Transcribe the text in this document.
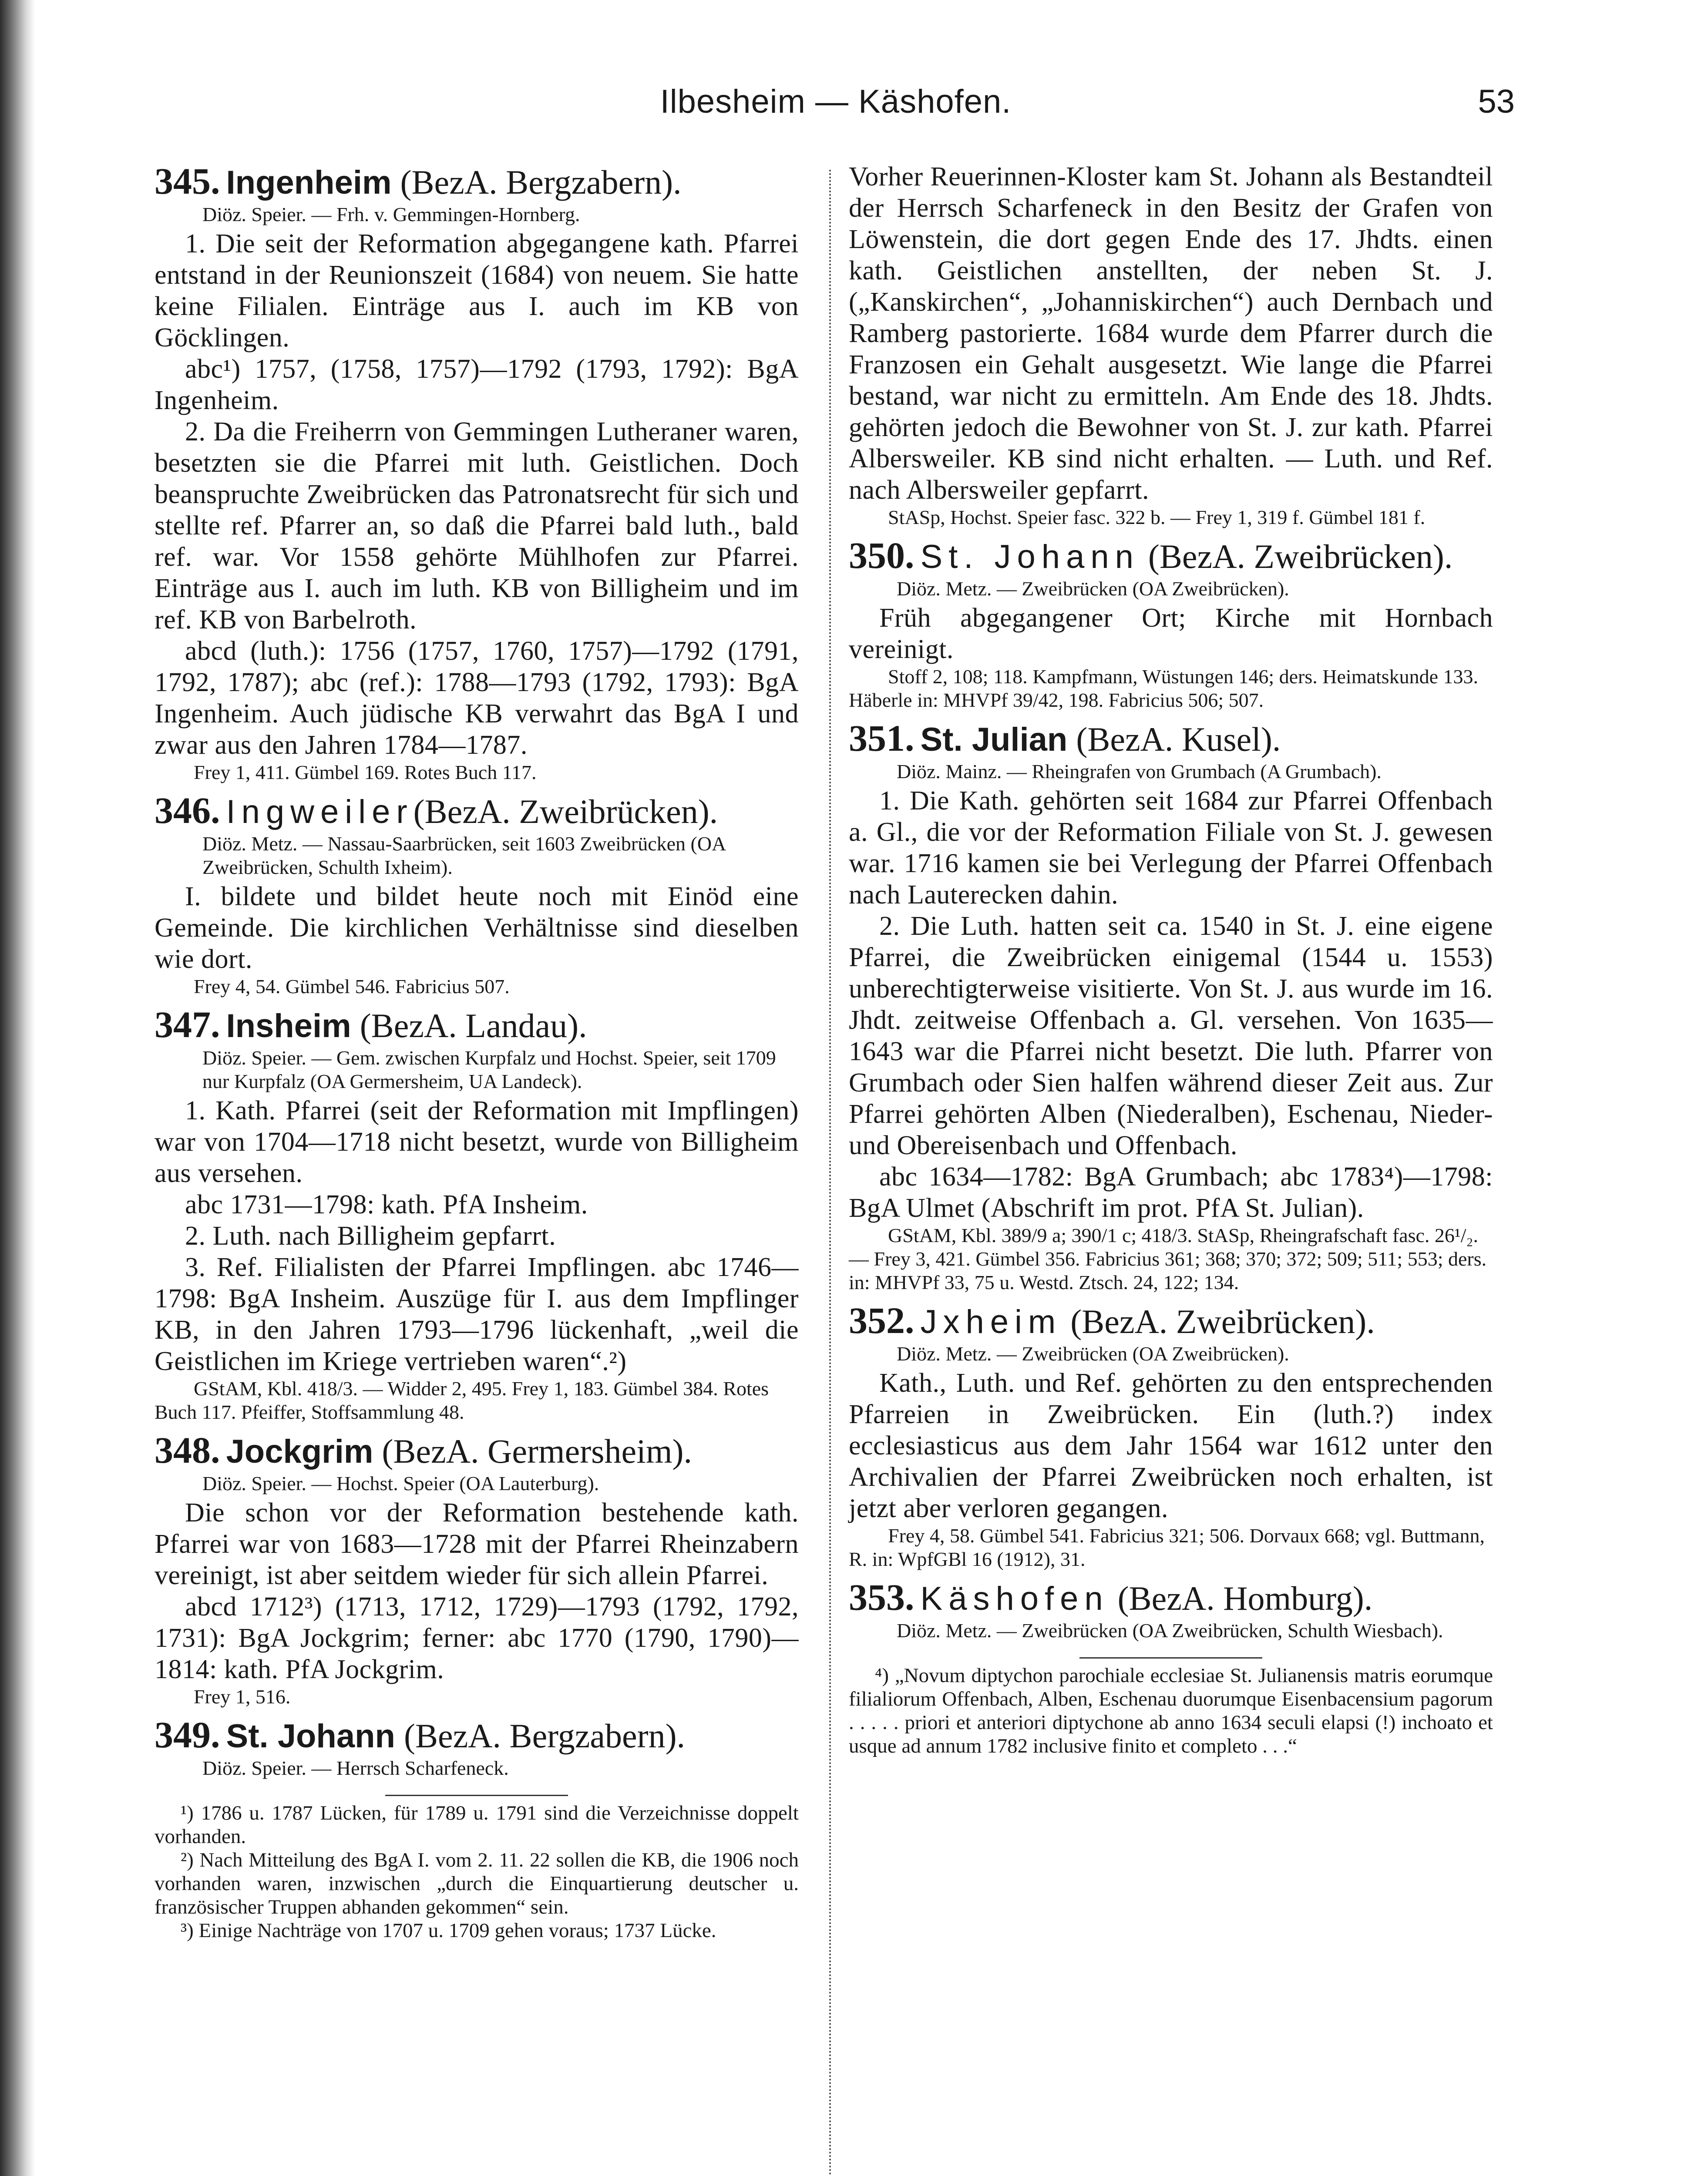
Ilbesheim — Käshofen.	53

345. Ingenheim (BezA. Bergzabern).

Diöz. Speier. — Frh. v. Gemmingen-Hornberg.

1. Die seit der Reformation abgegangene kath. Pfarrei entstand in der Reunionszeit (1684) von neuem. Sie hatte keine Filialen. Einträge aus I. auch im KB von Göcklingen.

abc¹) 1757, (1758, 1757)—1792 (1793, 1792): BgA Ingenheim.

2. Da die Freiherrn von Gemmingen Lutheraner waren, besetzten sie die Pfarrei mit luth. Geistlichen. Doch beanspruchte Zweibrücken das Patronatsrecht für sich und stellte ref. Pfarrer an, so daß die Pfarrei bald luth., bald ref. war. Vor 1558 gehörte Mühlhofen zur Pfarrei. Einträge aus I. auch im luth. KB von Billigheim und im ref. KB von Barbelroth.

abcd (luth.): 1756 (1757, 1760, 1757)—1792 (1791, 1792, 1787); abc (ref.): 1788—1793 (1792, 1793): BgA Ingenheim. Auch jüdische KB verwahrt das BgA I und zwar aus den Jahren 1784—1787.

Frey 1, 411. Gümbel 169. Rotes Buch 117.

346. Ingweiler(BezA. Zweibrücken).

Diöz. Metz. — Nassau-Saarbrücken, seit 1603 Zweibrücken (OA Zweibrücken, Schulth Ixheim).

I. bildete und bildet heute noch mit Einöd eine Gemeinde. Die kirchlichen Verhältnisse sind dieselben wie dort.

Frey 4, 54. Gümbel 546. Fabricius 507.

347. Insheim (BezA. Landau).

Diöz. Speier. — Gem. zwischen Kurpfalz und Hochst. Speier, seit 1709 nur Kurpfalz (OA Germersheim, UA Landeck).

1. Kath. Pfarrei (seit der Reformation mit Impflingen) war von 1704—1718 nicht besetzt, wurde von Billigheim aus versehen.

abc 1731—1798: kath. PfA Insheim.

2. Luth. nach Billigheim gepfarrt.

3. Ref. Filialisten der Pfarrei Impflingen. abc 1746—1798: BgA Insheim. Auszüge für I. aus dem Impflinger KB, in den Jahren 1793—1796 lückenhaft, „weil die Geistlichen im Kriege vertrieben waren“.²)

GStAM, Kbl. 418/3. — Widder 2, 495. Frey 1, 183. Gümbel 384. Rotes Buch 117. Pfeiffer, Stoffsammlung 48.

348. Jockgrim (BezA. Germersheim).

Diöz. Speier. — Hochst. Speier (OA Lauterburg).

Die schon vor der Reformation bestehende kath. Pfarrei war von 1683—1728 mit der Pfarrei Rheinzabern vereinigt, ist aber seitdem wieder für sich allein Pfarrei.

abcd 1712³) (1713, 1712, 1729)—1793 (1792, 1792, 1731): BgA Jockgrim; ferner: abc 1770 (1790, 1790)—1814: kath. PfA Jockgrim.

Frey 1, 516.

349. St. Johann (BezA. Bergzabern).

Diöz. Speier. — Herrsch Scharfeneck.

¹) 1786 u. 1787 Lücken, für 1789 u. 1791 sind die Verzeichnisse doppelt vorhanden.

²) Nach Mitteilung des BgA I. vom 2. 11. 22 sollen die KB, die 1906 noch vorhanden waren, inzwischen „durch die Einquartierung deutscher u. französischer Truppen abhanden gekommen“ sein.

³) Einige Nachträge von 1707 u. 1709 gehen voraus; 1737 Lücke.

Vorher Reuerinnen-Kloster kam St. Johann als Bestandteil der Herrsch Scharfeneck in den Besitz der Grafen von Löwenstein, die dort gegen Ende des 17. Jhdts. einen kath. Geistlichen anstellten, der neben St. J. („Kanskirchen“, „Johanniskirchen“) auch Dernbach und Ramberg pastorierte. 1684 wurde dem Pfarrer durch die Franzosen ein Gehalt ausgesetzt. Wie lange die Pfarrei bestand, war nicht zu ermitteln. Am Ende des 18. Jhdts. gehörten jedoch die Bewohner von St. J. zur kath. Pfarrei Albersweiler. KB sind nicht erhalten. — Luth. und Ref. nach Albersweiler gepfarrt.

StASp, Hochst. Speier fasc. 322 b. — Frey 1, 319 f. Gümbel 181 f.

350. St. Johann (BezA. Zweibrücken).

Diöz. Metz. — Zweibrücken (OA Zweibrücken).

Früh abgegangener Ort; Kirche mit Hornbach vereinigt.

Stoff 2, 108; 118. Kampfmann, Wüstungen 146; ders. Heimatskunde 133. Häberle in: MHVPf 39/42, 198. Fabricius 506; 507.

351. St. Julian (BezA. Kusel).

Diöz. Mainz. — Rheingrafen von Grumbach (A Grumbach).

1. Die Kath. gehörten seit 1684 zur Pfarrei Offenbach a. Gl., die vor der Reformation Filiale von St. J. gewesen war. 1716 kamen sie bei Verlegung der Pfarrei Offenbach nach Lauterecken dahin.

2. Die Luth. hatten seit ca. 1540 in St. J. eine eigene Pfarrei, die Zweibrücken einigemal (1544 u. 1553) unberechtigterweise visitierte. Von St. J. aus wurde im 16. Jhdt. zeitweise Offenbach a. Gl. versehen. Von 1635—1643 war die Pfarrei nicht besetzt. Die luth. Pfarrer von Grumbach oder Sien halfen während dieser Zeit aus. Zur Pfarrei gehörten Alben (Niederalben), Eschenau, Nieder- und Obereisenbach und Offenbach.

abc 1634—1782: BgA Grumbach; abc 1783⁴)—1798: BgA Ulmet (Abschrift im prot. PfA St. Julian).

GStAM, Kbl. 389/9 a; 390/1 c; 418/3. StASp, Rheingrafschaft fasc. 26¹/₂. — Frey 3, 421. Gümbel 356. Fabricius 361; 368; 370; 372; 509; 511; 553; ders. in: MHVPf 33, 75 u. Westd. Ztsch. 24, 122; 134.

352. Jxheim (BezA. Zweibrücken).

Diöz. Metz. — Zweibrücken (OA Zweibrücken).

Kath., Luth. und Ref. gehörten zu den entsprechenden Pfarreien in Zweibrücken. Ein (luth.?) index ecclesiasticus aus dem Jahr 1564 war 1612 unter den Archivalien der Pfarrei Zweibrücken noch erhalten, ist jetzt aber verloren gegangen.

Frey 4, 58. Gümbel 541. Fabricius 321; 506. Dorvaux 668; vgl. Buttmann, R. in: WpfGBl 16 (1912), 31.

353. Käshofen (BezA. Homburg).

Diöz. Metz. — Zweibrücken (OA Zweibrücken, Schulth Wiesbach).

⁴) „Novum diptychon parochiale ecclesiae St. Julianensis matris eorumque filialiorum Offenbach, Alben, Eschenau duorumque Eisenbacensium pagorum . . . . . priori et anteriori diptychone ab anno 1634 seculi elapsi (!) inchoato et usque ad annum 1782 inclusive finito et completo . . .“
